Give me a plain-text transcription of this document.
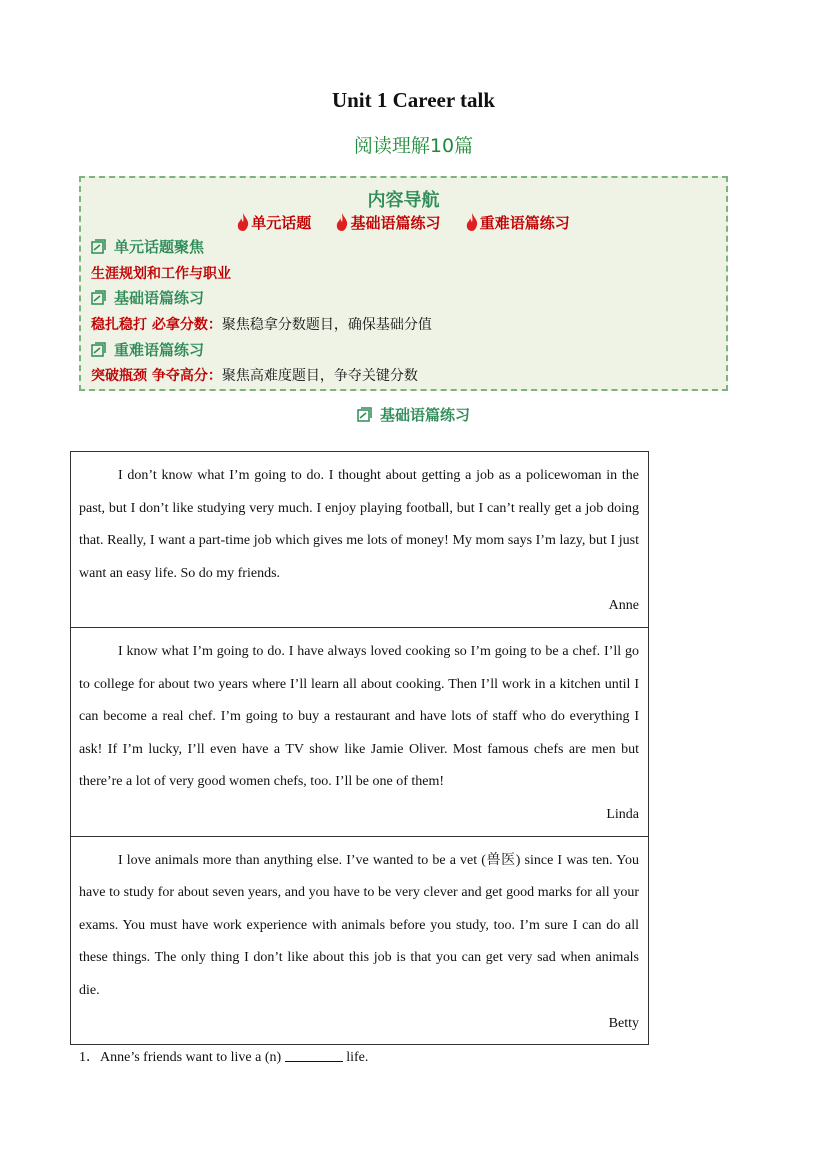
Unit 1 Career talk
阅读理解10篇
内容导航
单元话题	基础语篇练习	重难语篇练习
单元话题聚焦
生涯规划和工作与职业
基础语篇练习
稳扎稳打 必拿分数：聚焦稳拿分数题目，确保基础分值
重难语篇练习
突破瓶颈 争夺高分：聚焦高难度题目，争夺关键分数
基础语篇练习

I don’t know what I’m going to do. I thought about getting a job as a policewoman in the past, but I don’t like studying very much. I enjoy playing football, but I can’t really get a job doing that. Really, I want a part-time job which gives me lots of money! My mom says I’m lazy, but I just want an easy life. So do my friends.

Anne

I know what I’m going to do. I have always loved cooking so I’m going to be a chef. I’ll go to college for about two years where I’ll learn all about cooking. Then I’ll work in a kitchen until I can become a real chef. I’m going to buy a restaurant and have lots of staff who do everything I ask! If I’m lucky, I’ll even have a TV show like Jamie Oliver. Most famous chefs are men but there’re a lot of very good women chefs, too. I’ll be one of them!

Linda

I love animals more than anything else. I’ve wanted to be a vet (兽医) since I was ten. You have to study for about seven years, and you have to be very clever and get good marks for all your exams. You must have work experience with animals before you study, too. I’m sure I can do all these things. The only thing I don’t like about this job is that you can get very sad when animals die.

Betty
1．Anne’s friends want to live a (n)	life.
